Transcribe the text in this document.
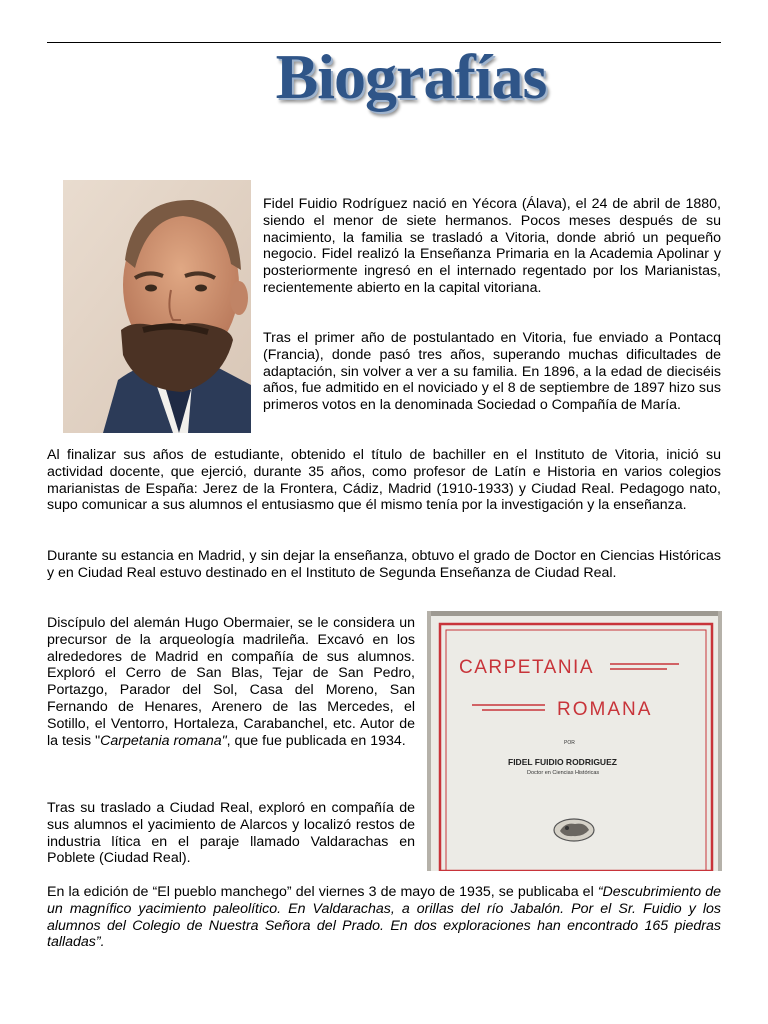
Biografías

Fidel Fuidio Rodríguez nació en Yécora (Álava), el 24 de abril de 1880, siendo el menor de siete hermanos. Pocos meses después de su nacimiento, la familia se trasladó a Vitoria, donde abrió un pequeño negocio. Fidel realizó la Enseñanza Primaria en la Academia Apolinar y posteriormente ingresó en el internado regentado por los Marianistas, recientemente abierto en la capital vitoriana.

Tras el primer año de postulantado en Vitoria, fue enviado a Pontacq (Francia), donde pasó tres años, superando muchas dificultades de adaptación, sin volver a ver a su familia. En 1896, a la edad de dieciséis años, fue admitido en el noviciado y el 8 de septiembre de 1897 hizo sus primeros votos en la denominada Sociedad o Compañía de María.

Al finalizar sus años de estudiante, obtenido el título de bachiller en el Instituto de Vitoria, inició su actividad docente, que ejerció, durante 35 años, como profesor de Latín e Historia en varios colegios marianistas de España: Jerez de la Frontera, Cádiz, Madrid (1910-1933) y Ciudad Real. Pedagogo nato, supo comunicar a sus alumnos el entusiasmo que él mismo tenía por la investigación y la enseñanza.

Durante su estancia en Madrid, y sin dejar la enseñanza, obtuvo el grado de Doctor en Ciencias Históricas y en Ciudad Real estuvo destinado en el Instituto de Segunda Enseñanza de Ciudad Real.

Discípulo del alemán Hugo Obermaier, se le considera un precursor de la arqueología madrileña. Excavó en los alrededores de Madrid en compañía de sus alumnos. Exploró el Cerro de San Blas, Tejar de San Pedro, Portazgo, Parador del Sol, Casa del Moreno, San Fernando de Henares, Arenero de las Mercedes, el Sotillo, el Ventorro, Hortaleza, Carabanchel, etc. Autor de la tesis "Carpetania romana", que fue publicada en 1934.

Tras su traslado a Ciudad Real, exploró en compañía de sus alumnos el yacimiento de Alarcos y localizó restos de industria lítica en el paraje llamado Valdarachas en Poblete (Ciudad Real).

En la edición de “El pueblo manchego” del viernes 3 de mayo de 1935, se publicaba el “Descubrimiento de un magnífico yacimiento paleolítico. En Valdarachas, a orillas del río Jabalón. Por el Sr. Fuidio y los alumnos del Colegio de Nuestra Señora del Prado. En dos exploraciones han encontrado 165 piedras talladas”.

CARPETANIA
ROMANA
POR
FIDEL FUIDIO RODRIGUEZ
Doctor en Ciencias Históricas
